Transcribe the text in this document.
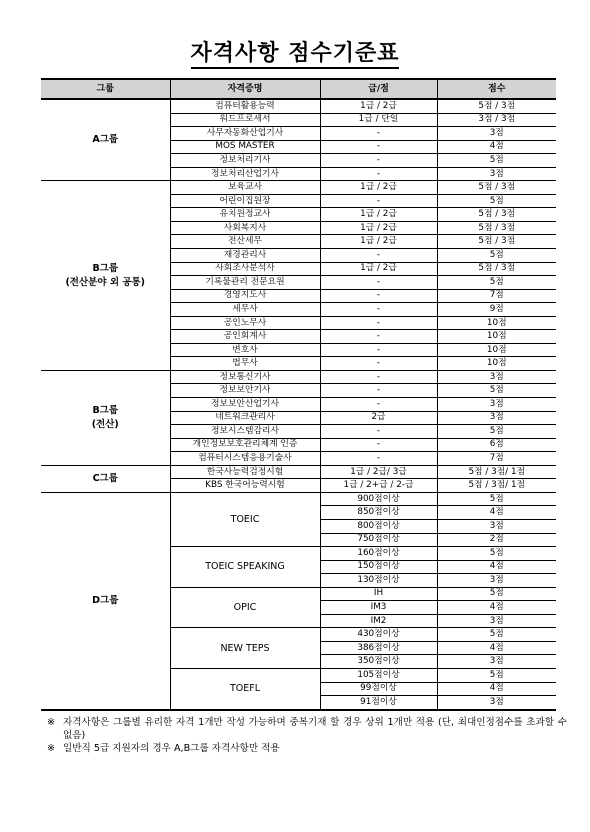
자격사항 점수기준표
그룹	자격증명	급/점	점수

A그룹	컴퓨터활용능력	1급 / 2급	5점 / 3점
	워드프로세서	1급 / 단일	3점 / 3점
	사무자동화산업기사	-	3점
	MOS MASTER	-	4점
	정보처리기사	-	5점
	정보처리산업기사	-	3점

B그룹
(전산분야 외 공통)	보육교사	1급 / 2급	5점 / 3점
	어린이집원장	-	5점
	유치원정교사	1급 / 2급	5점 / 3점
	사회복지사	1급 / 2급	5점 / 3점
	전산세무	1급 / 2급	5점 / 3점
	재경관리사	-	5점
	사회조사분석사	1급 / 2급	5점 / 3점
	기록물관리 전문요원	-	5점
	경영지도사	-	7점
	세무사	-	9점
	공인노무사	-	10점
	공인회계사	-	10점
	변호사	-	10점
	법무사	-	10점

B그룹
(전산)	정보통신기사	-	3점
	정보보안기사	-	5점
	정보보안산업기사	-	3점
	네트워크관리사	2급	3점
	정보시스템감리사	-	5점
	개인정보보호관리체계 인증	-	6점
	컴퓨터시스템응용기술사	-	7점

C그룹	한국사능력검정시험	1급 / 2급/ 3급	5점 / 3점/ 1점
	KBS 한국어능력시험	1급 / 2+급 / 2-급	5점 / 3점/ 1점

D그룹	TOEIC	900점이상	5점
		850점이상	4점
		800점이상	3점
		750점이상	2점
	TOEIC SPEAKING	160점이상	5점
		150점이상	4점
		130점이상	3점
	OPIC	IH	5점
		IM3	4점
		IM2	3점
	NEW TEPS	430점이상	5점
		386점이상	4점
		350점이상	3점
	TOEFL	105점이상	5점
		99점이상	4점
		91점이상	3점
※ 자격사항은 그룹별 유리한 자격 1개만 작성 가능하며 중복기재 할 경우 상위 1개만 적용 (단, 최대인정점수를 초과할 수 없음)
※ 일반직 5급 지원자의 경우 A,B그룹 자격사항만 적용
